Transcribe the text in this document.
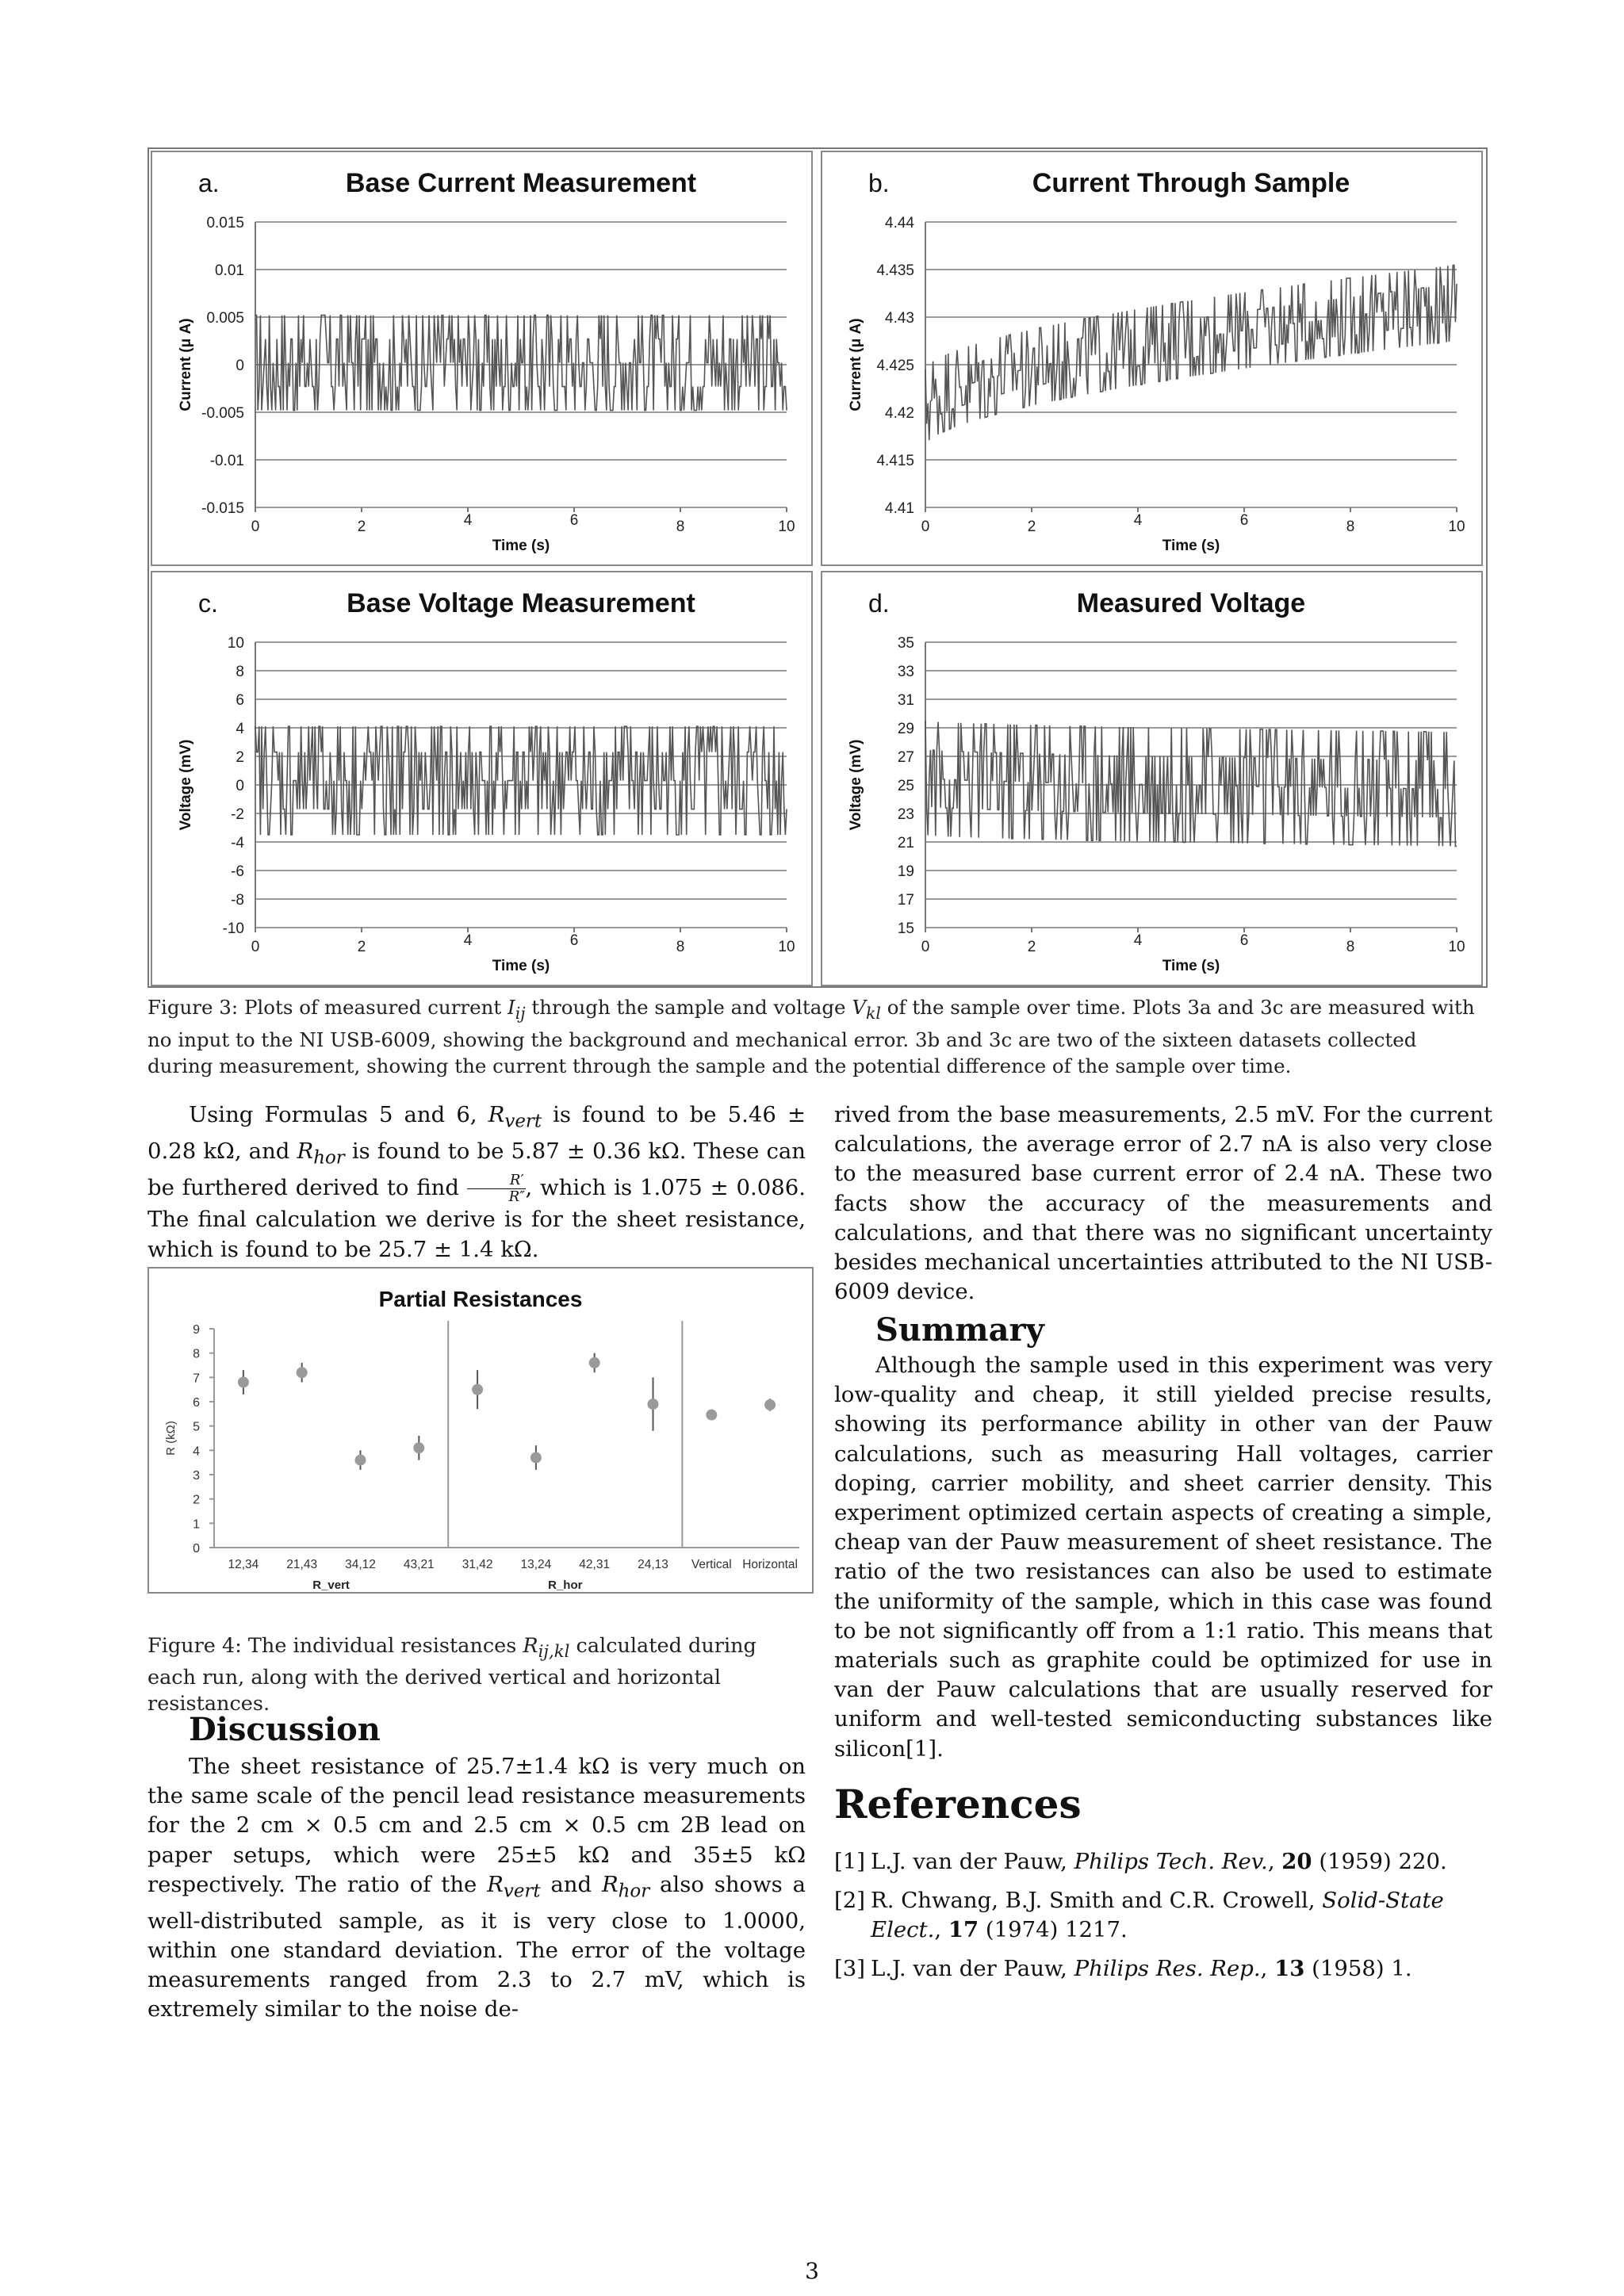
a.	Base Current Measurement
-0.015
-0.01
-0.005
0
0.005
0.01
0.015
0	2	4	6	8	10
Time (s)
Current (μ A)
b.	Current Through Sample
4.41
4.415
4.42
4.425
4.43
4.435
4.44
0	2	4	6	8	10
Time (s)
Current (μ A)
c.	Base Voltage Measurement
-10
-8
-6
-4
-2
0
2
4
6
8
10
0	2	4	6	8	10
Time (s)
Voltage (mV)
d.	Measured Voltage
15
17
19
21
23
25
27
29
31
33
35
0	2	4	6	8	10
Time (s)
Voltage (mV)
Figure 3: Plots of measured current $I_{ij}$ through the sample and voltage $V_{kl}$ of the sample over time. Plots 3a and 3c are measured with no input to the NI USB-6009, showing the background and mechanical error. 3b and 3c are two of the sixteen datasets collected during measurement, showing the current through the sample and the potential difference of the sample over time.

Using Formulas 5 and 6, $R_{vert}$ is found to be 5.46 ± 0.28 kΩ, and $R_{hor}$ is found to be 5.87 ± 0.36 kΩ. These can be furthered derived to find $\frac{R'}{R''}$ , which is 1.075 ± 0.086. The final calculation we derive is for the sheet resistance, which is found to be 25.7 ± 1.4 kΩ.

Partial Resistances
0
1
2
3
4
5
6
7
8
9
R (kΩ)
12,34 21,43 34,12 43,21 31,42 13,24 42,31 24,13 Vertical Horizontal
R_vert	R_hor
Figure 4: The individual resistances $R_{ij,kl}$ calculated during each run, along with the derived vertical and horizontal resistances.
Discussion

The sheet resistance of 25.7±1.4 kΩ is very much on the same scale of the pencil lead resistance measurements for the 2 cm × 0.5 cm and 2.5 cm × 0.5 cm 2B lead on paper setups, which were 25±5 kΩ and 35±5 kΩ respectively. The ratio of the $R_{vert}$ and $R_{hor}$ also shows a well-distributed sample, as it is very close to 1.0000, within one standard deviation. The error of the voltage measurements ranged from 2.3 to 2.7 mV, which is extremely similar to the noise de-

rived from the base measurements, 2.5 mV. For the current calculations, the average error of 2.7 nA is also very close to the measured base current error of 2.4 nA. These two facts show the accuracy of the measurements and calculations, and that there was no significant uncertainty besides mechanical uncertainties attributed to the NI USB-6009 device.
Summary

Although the sample used in this experiment was very low-quality and cheap, it still yielded precise results, showing its performance ability in other van der Pauw calculations, such as measuring Hall voltages, carrier doping, carrier mobility, and sheet carrier density. This experiment optimized certain aspects of creating a simple, cheap van der Pauw measurement of sheet resistance. The ratio of the two resistances can also be used to estimate the uniformity of the sample, which in this case was found to be not significantly off from a 1:1 ratio. This means that materials such as graphite could be optimized for use in van der Pauw calculations that are usually reserved for uniform and well-tested semiconducting substances like silicon[1].

References
[1] L.J. van der Pauw, Philips Tech. Rev., 20 (1959) 220.
[2] R. Chwang, B.J. Smith and C.R. Crowell, Solid-State Elect., 17 (1974) 1217.
[3] L.J. van der Pauw, Philips Res. Rep., 13 (1958) 1.
3
